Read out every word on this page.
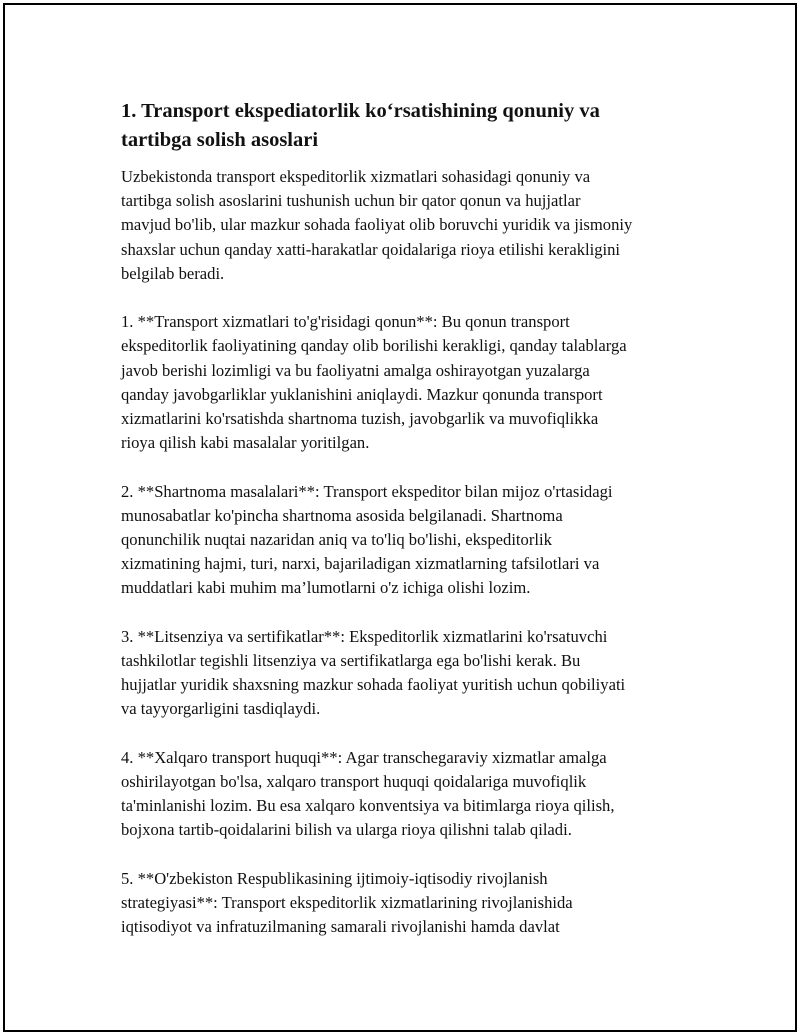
1. Transport ekspediatorlik ko‘rsatishining qonuniy va
tartibga solish asoslari

Uzbekistonda transport ekspeditorlik xizmatlari sohasidagi qonuniy va
tartibga solish asoslarini tushunish uchun bir qator qonun va hujjatlar
mavjud bo'lib, ular mazkur sohada faoliyat olib boruvchi yuridik va jismoniy
shaxslar uchun qanday xatti-harakatlar qoidalariga rioya etilishi kerakligini
belgilab beradi.

1. **Transport xizmatlari to'g'risidagi qonun**: Bu qonun transport
ekspeditorlik faoliyatining qanday olib borilishi kerakligi, qanday talablarga
javob berishi lozimligi va bu faoliyatni amalga oshirayotgan yuzalarga
qanday javobgarliklar yuklanishini aniqlaydi. Mazkur qonunda transport
xizmatlarini ko'rsatishda shartnoma tuzish, javobgarlik va muvofiqlikka
rioya qilish kabi masalalar yoritilgan.

2. **Shartnoma masalalari**: Transport ekspeditor bilan mijoz o'rtasidagi
munosabatlar ko'pincha shartnoma asosida belgilanadi. Shartnoma
qonunchilik nuqtai nazaridan aniq va to'liq bo'lishi, ekspeditorlik
xizmatining hajmi, turi, narxi, bajariladigan xizmatlarning tafsilotlari va
muddatlari kabi muhim ma’lumotlarni o'z ichiga olishi lozim.

3. **Litsenziya va sertifikatlar**: Ekspeditorlik xizmatlarini ko'rsatuvchi
tashkilotlar tegishli litsenziya va sertifikatlarga ega bo'lishi kerak. Bu
hujjatlar yuridik shaxsning mazkur sohada faoliyat yuritish uchun qobiliyati
va tayyorgarligini tasdiqlaydi.

4. **Xalqaro transport huquqi**: Agar transchegaraviy xizmatlar amalga
oshirilayotgan bo'lsa, xalqaro transport huquqi qoidalariga muvofiqlik
ta'minlanishi lozim. Bu esa xalqaro konventsiya va bitimlarga rioya qilish,
bojxona tartib-qoidalarini bilish va ularga rioya qilishni talab qiladi.

5. **O'zbekiston Respublikasining ijtimoiy-iqtisodiy rivojlanish
strategiyasi**: Transport ekspeditorlik xizmatlarining rivojlanishida
iqtisodiyot va infratuzilmaning samarali rivojlanishi hamda davlat
